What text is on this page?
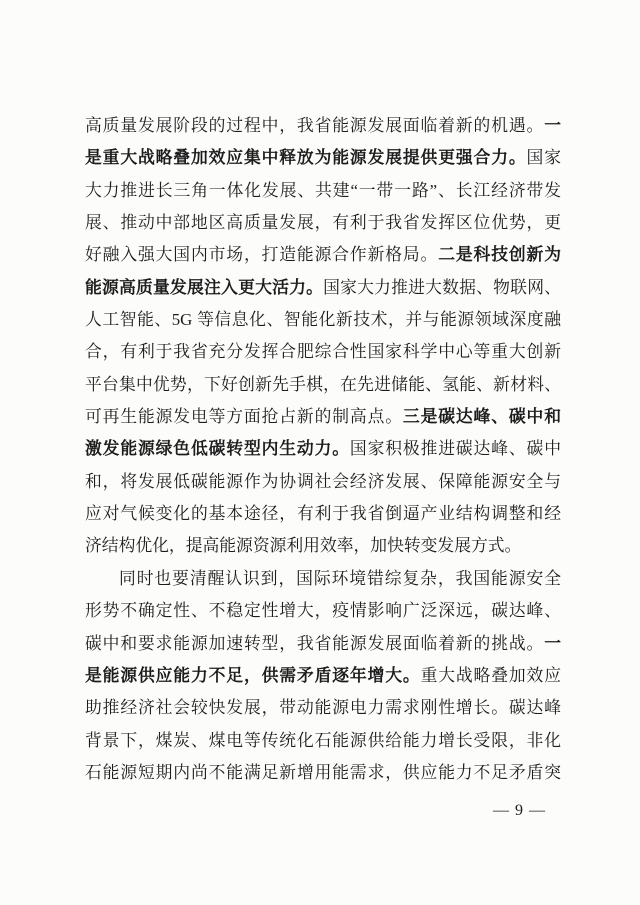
高质量发展阶段的过程中，我省能源发展面临着新的机遇。一
是重大战略叠加效应集中释放为能源发展提供更强合力。国家
大力推进长三角一体化发展、共建“一带一路”、长江经济带发
展、推动中部地区高质量发展，有利于我省发挥区位优势，更
好融入强大国内市场，打造能源合作新格局。二是科技创新为
能源高质量发展注入更大活力。国家大力推进大数据、物联网、
人工智能、5G 等信息化、智能化新技术，并与能源领域深度融
合，有利于我省充分发挥合肥综合性国家科学中心等重大创新
平台集中优势，下好创新先手棋，在先进储能、氢能、新材料、
可再生能源发电等方面抢占新的制高点。三是碳达峰、碳中和
激发能源绿色低碳转型内生动力。国家积极推进碳达峰、碳中
和，将发展低碳能源作为协调社会经济发展、保障能源安全与
应对气候变化的基本途径，有利于我省倒逼产业结构调整和经
济结构优化，提高能源资源利用效率，加快转变发展方式。
同时也要清醒认识到，国际环境错综复杂，我国能源安全
形势不确定性、不稳定性增大，疫情影响广泛深远，碳达峰、
碳中和要求能源加速转型，我省能源发展面临着新的挑战。一
是能源供应能力不足，供需矛盾逐年增大。重大战略叠加效应
助推经济社会较快发展，带动能源电力需求刚性增长。碳达峰
背景下，煤炭、煤电等传统化石能源供给能力增长受限，非化
石能源短期内尚不能满足新增用能需求，供应能力不足矛盾突
— 9 —
